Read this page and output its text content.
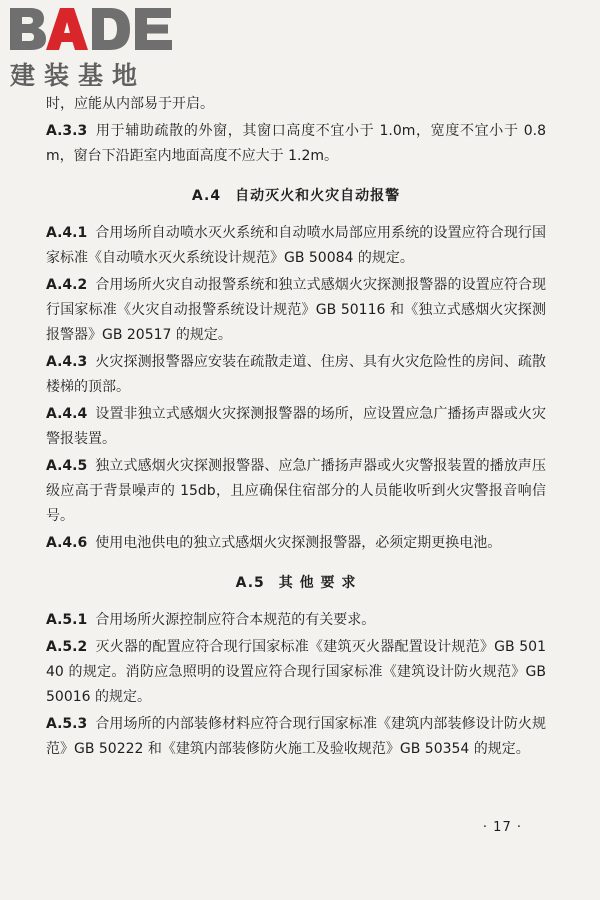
建装基地
时，应能从内部易于开启。
A.3.3 用于辅助疏散的外窗，其窗口高度不宜小于 1.0m，宽度不宜小于 0.8m，窗台下沿距室内地面高度不应大于 1.2m。
A.4 自动灭火和火灾自动报警
A.4.1 合用场所自动喷水灭火系统和自动喷水局部应用系统的设置应符合现行国家标准《自动喷水灭火系统设计规范》GB 50084 的规定。
A.4.2 合用场所火灾自动报警系统和独立式感烟火灾探测报警器的设置应符合现行国家标准《火灾自动报警系统设计规范》GB 50116 和《独立式感烟火灾探测报警器》GB 20517 的规定。
A.4.3 火灾探测报警器应安装在疏散走道、住房、具有火灾危险性的房间、疏散楼梯的顶部。
A.4.4 设置非独立式感烟火灾探测报警器的场所，应设置应急广播扬声器或火灾警报装置。
A.4.5 独立式感烟火灾探测报警器、应急广播扬声器或火灾警报装置的播放声压级应高于背景噪声的 15db，且应确保住宿部分的人员能收听到火灾警报音响信号。
A.4.6 使用电池供电的独立式感烟火灾探测报警器，必须定期更换电池。
A.5 其 他 要 求
A.5.1 合用场所火源控制应符合本规范的有关要求。
A.5.2 灭火器的配置应符合现行国家标准《建筑灭火器配置设计规范》GB 50140 的规定。消防应急照明的设置应符合现行国家标准《建筑设计防火规范》GB 50016 的规定。
A.5.3 合用场所的内部装修材料应符合现行国家标准《建筑内部装修设计防火规范》GB 50222 和《建筑内部装修防火施工及验收规范》GB 50354 的规定。
· 17 ·
